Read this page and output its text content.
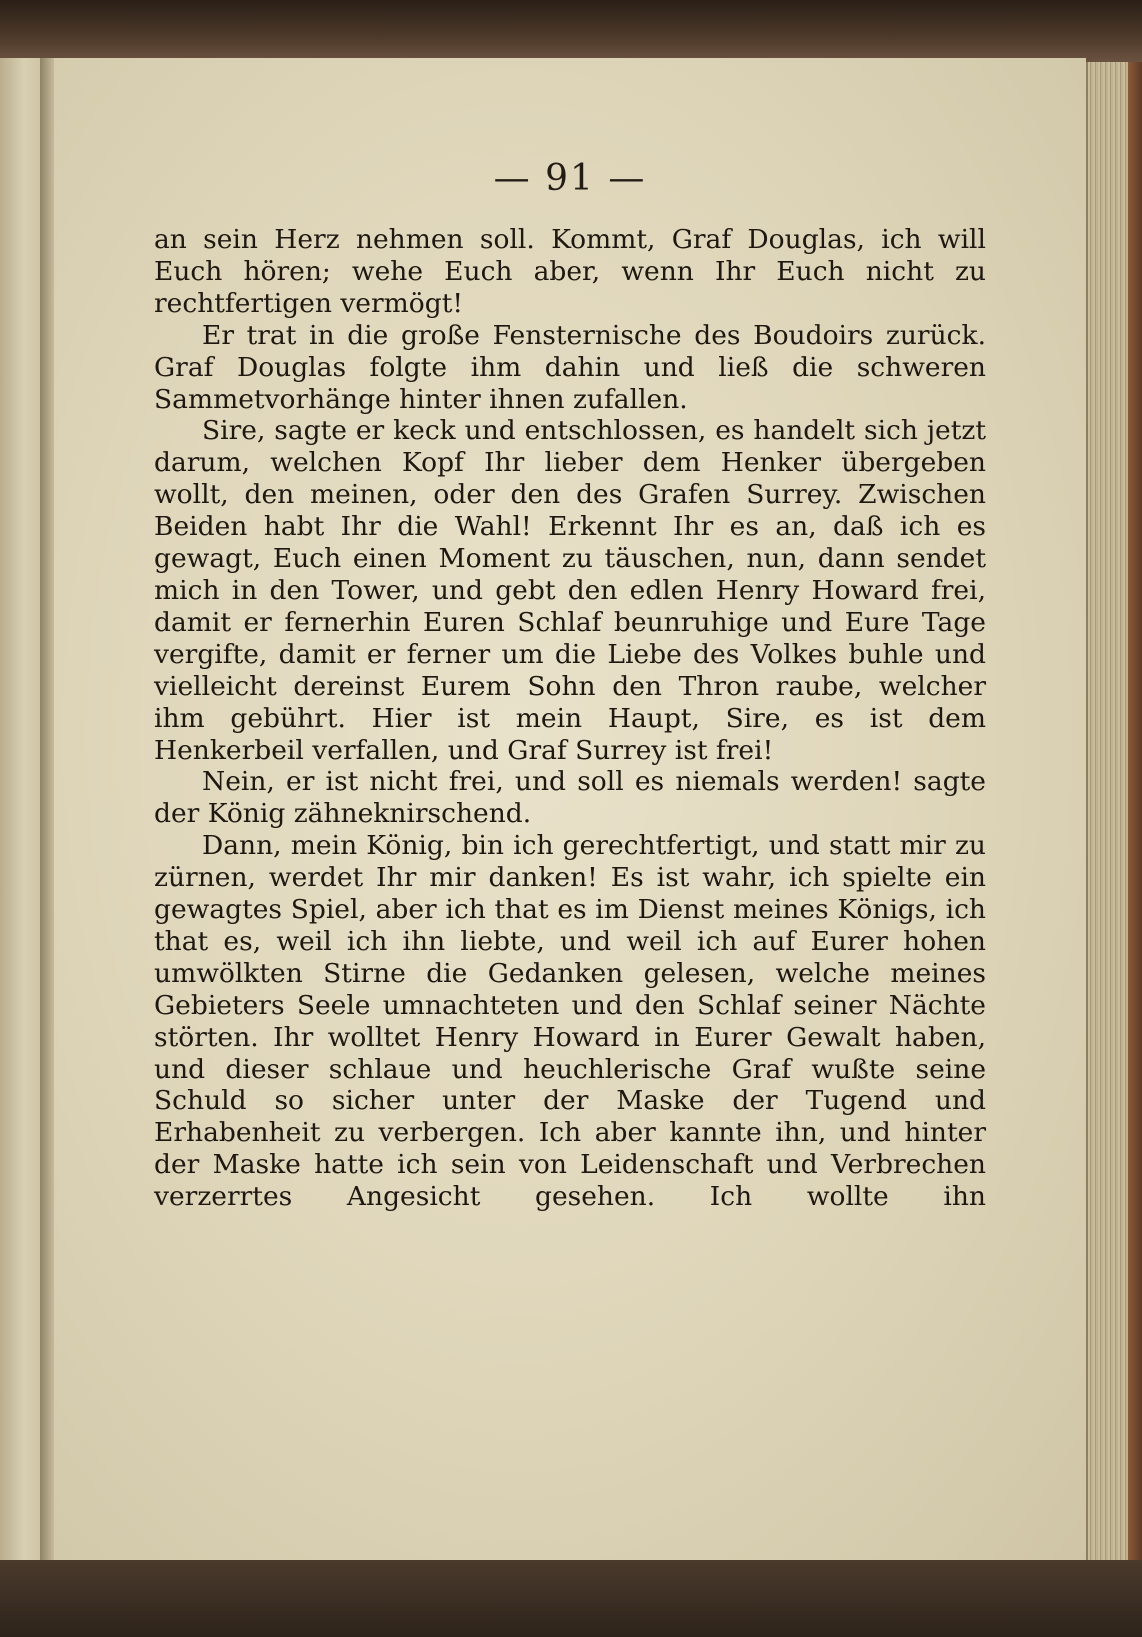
— 91 —

an sein Herz nehmen soll. Kommt, Graf Douglas, ich will Euch hören; wehe Euch aber, wenn Ihr Euch nicht zu rechtfertigen vermögt!

Er trat in die große Fensternische des Boudoirs zurück. Graf Douglas folgte ihm dahin und ließ die schweren Sammetvorhänge hinter ihnen zufallen.

Sire, sagte er keck und entschlossen, es handelt sich jetzt darum, welchen Kopf Ihr lieber dem Henker übergeben wollt, den meinen, oder den des Grafen Surrey. Zwischen Beiden habt Ihr die Wahl! Erkennt Ihr es an, daß ich es gewagt, Euch einen Moment zu täuschen, nun, dann sendet mich in den Tower, und gebt den edlen Henry Howard frei, damit er fernerhin Euren Schlaf beunruhige und Eure Tage vergifte, damit er ferner um die Liebe des Volkes buhle und vielleicht dereinst Eurem Sohn den Thron raube, welcher ihm gebührt. Hier ist mein Haupt, Sire, es ist dem Henkerbeil verfallen, und Graf Surrey ist frei!

Nein, er ist nicht frei, und soll es niemals werden! sagte der König zähneknirschend.

Dann, mein König, bin ich gerechtfertigt, und statt mir zu zürnen, werdet Ihr mir danken! Es ist wahr, ich spielte ein gewagtes Spiel, aber ich that es im Dienst meines Königs, ich that es, weil ich ihn liebte, und weil ich auf Eurer hohen umwölkten Stirne die Gedanken gelesen, welche meines Gebieters Seele umnachteten und den Schlaf seiner Nächte störten. Ihr wolltet Henry Howard in Eurer Gewalt haben, und dieser schlaue und heuchlerische Graf wußte seine Schuld so sicher unter der Maske der Tugend und Erhabenheit zu verbergen. Ich aber kannte ihn, und hinter der Maske hatte ich sein von Leidenschaft und Verbrechen verzerrtes Angesicht gesehen. Ich wollte ihn
